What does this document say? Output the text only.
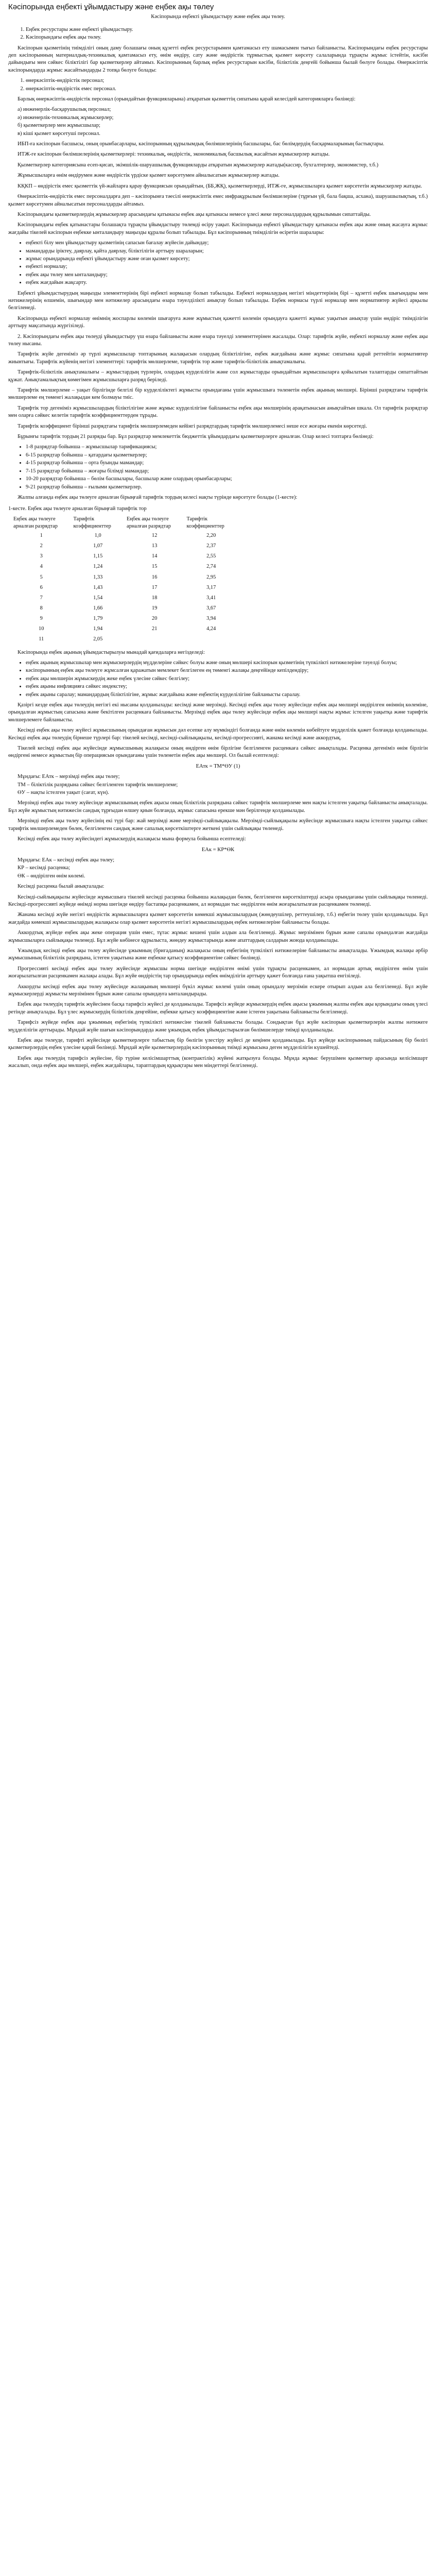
Кәсіпорында еңбекті ұйымдастыру және еңбек ақы төлеу

Кәсіпорында еңбекті ұйымдастыру және еңбек ақы төлеу.

1. Еңбек ресурстары және еңбекті ұйымдастыру.
2. Кәсіпорындағы еңбек ақы төлеу.

Кәсіпорын қызметінің тиімділігі оның даму болашағы оның құзетті еңбек ресурстарымен қамтамасыз ету шамасымен тығыз байланысты. Кәсіпорындағы еңбек ресурстары деп кәсіпорынның материалдық-техникалық қамтамасыз ету, өнім өндіру, сату және өндірістік тұрмыстық қызмет көрсету салаларында тұрақты жұмыс істейтін, кәсіби дайындығы мен сәйкес біліктілігі бар қызметкерлер айтамыз. Кәсіпорынның барлық еңбек ресурстарын кәсіби, біліктілік деңгейі бойынша былай бөлуге болады. Өнеркәсіптік кәсіпорындарда жұмыс жасайтындарды 2 топқа бөлуге болады:

1. өнеркәсіптік-өндірістік персонал;
2. өнеркәсіптік-өндірістік емес персонал.

Барлық өнеркәсіптік-өндірістік персонал (орындайтын функцияларына) атқаратын қызметтің сипатына қарай келесідей категорияларға бөлінеді:

а) инженерлік-басқарушылық персонал;
ә) инженерлік-техникалық жұмыскерлер;
б) қызметкерлер мен жұмысшылар;
в) кіші қызмет көрсетуші персонал.

ИБП-ға кәсіпорын басшысы, оның орынбасарлары, кәсіпорынның құрылымдық бөлімшелерінің басшылары, бас бөлімдердің басқармаларының бастықтары.

ИТЖ-ге кәсіпорын бөлімшелерінің қызметкерлері: техникалық, өндірістік, экономикалық басшылық жасайтын жұмыскерлер жатады.

Қызметкерлер категориясына есеп-қисап, экімшілік-шаруашылық функцияларды атқаратын жұмыскерлер жатады(кассир, бухгалтерлер, экономистер, т.б.)

Жұмысшыларға өнім өндірумен және өндірістік үрдіске қызмет көрсетумен айналысатын жұмыскерлер жатады.

КҚКП – өндірістік емес қызметтік үй-жайларға қарау функциясын орындайтын, (ББ,ЖҚ), қызметкерлерді, ИТЖ-ге, жұмысшыларға қызмет көрсететін жұмыскерлер жатады.

Өнеркәсіптік-өндірістік емес персоналдарға деп – кәсіпорынға тәесілі өнеркәсіптік емес инфрақұрылым бөлімшелеріне (тұрғын үй, бала бақша, асхана), шаруашылықтың, т.б.) қызмет көрсетумен айналысатын персоналдарды айтамыз.

Кәсіпорындағы қызметкерлердің жұмыскерлер арасындағы қатынасы еңбек ақы қатынасы немесе ұлесі жеке персоналдардың құрылымын сипаттайды.

Кәсіпорындағы еңбек қатынастары болашақта тұрақты ұйымдастыру төлемді өсіру уақыт. Кәсіпорында еңбекті ұйымдастыру қатынасы еңбек ақы және оның жасауға жұмыс жағдайы тікелей кәсіпорын еңбекке ынталандыру маңызды құралы болып табылады. Бұл кәсіпорынның тиімділігін өсіретін шаралары:

• еңбекті білу мен ұйымдастыру қызметінің сапасын бағалау жүйесін дайындау;
• мамандарды іріктеу, даярлау, қайта даярлау, біліктілігін арттыру шараларын;
• жұмыс орындарында еңбекті ұйымдастыру және оған қызмет көрсету;
• еңбекті нормалау;
• еңбек ақы төлеу мен ынталандыру;
• еңбек жағдайын жақсарту.

Еңбекті ұйымдастырудың маңызды элементтерінің бірі еңбекті нормалау болып табылады. Еңбекті нормалаудың негізгі міндеттерінің бірі – құзетті еңбек шығындары мен нәтижелерінің өлшемін, шығындар мен нәтижелер арасындағы өзара тәуелділікті анықтау болып табылады. Еңбек нормасы түрлі нормалар мен нормативтер жүйесі арқылы белгіленеді.

Кәсіпорында еңбекті нормалау өнімнің жоспарлы көлемін шығаруға және жұмыстың қажетті көлемін орындауға қажетті жұмыс уақытын анықтау үшін өндіріс тиімділігін арттыру мақсатында жүргізіледі.

2. Кәсіпорындағы еңбек ақы төлеуді ұйымдастыру үш өзара байланысты және өзара тәуелді элементтерінен жасалады. Олар: тарифтік жүйе, еңбекті нормалау және еңбек ақы төлеу нысаны.

Тарифтік жүйе дегеніміз әр түрлі жұмысшылар топтарының жалақысын олардың біліктілігіне, еңбек жағдайына және жұмыс сипатына қарай реттейтін нормативтер жиынтығы. Тарифтік жүйенің негізгі элементтері: тарифтік мөлшерлеме, тарифтік тор және тарифтік-біліктілік анықтамалығы.

Тарифтік-біліктілік анықтамалығы – жұмыстардың түрлерін, олардың күрделілігін және сол жұмыстарды орындайтын жұмысшыларға қойылатын талаптарды сипаттайтын құжат. Анықтамалықтың көмегімен жұмысшыларға разряд беріледі.

Тарифтік мөлшерлеме – уақыт бірлігінде белгілі бір күрделіліктегі жұмысты орындағаны үшін жұмысшыға төленетін еңбек ақының мөлшері. Бірінші разрядтағы тарифтік мөлшерлеме ең төменгі жалақыдан кем болмауы тиіс.

Тарифтік тор дегеніміз жұмысшылардың біліктілігіне және жұмыс күрделілігіне байланысты еңбек ақы мөлшерінің арақатынасын анықтайтын шкала. Ол тарифтік разрядтар мен оларға сәйкес келетін тарифтік коэффициенттерден тұрады.

Тарифтік коэффициент бірінші разрядтағы тарифтік мөлшерлемеден кейінгі разрядтардың тарифтік мөлшерлемесі неше есе жоғары екенін көрсетеді.

Бұрынғы тарифтік тордың 21 разряды бар. Бұл разрядтар мемлекеттік бюджеттік ұйымдардағы қызметкерлерге арналған. Олар келесі топтарға бөлінеді:

• 1-8 разрядтар бойынша – жұмысшылар тарификациясы;
• 6-15 разрядтар бойынша – қатардағы қызметкерлер;
• 4-15 разрядтар бойынша – орта буынды мамандар;
• 7-15 разрядтар бойынша – жоғары білімді мамандар;
• 10-20 разрядтар бойынша – бөлім басшылары, басшылар және олардың орынбасарлары;
• 9-21 разрядтар бойынша – ғылыми қызметкерлер.

Жалпы алғанда еңбек ақы төлеуге арналған бірыңғай тарифтік тордың келесі нақты түрінде көрсетуге болады (1-кесте):

1-кесте. Еңбек ақы төлеуге арналған бірыңғай тарифтік тор

Еңбек ақы төлеуге арналған разрядтар	Тарифтік коэффициенттер	Еңбек ақы төлеуге арналған разрядтар	Тарифтік коэффициенттер
1	1,0	12	2,20
2	1,07	13	2,37
3	1,15	14	2,55
4	1,24	15	2,74
5	1,33	16	2,95
6	1,43	17	3,17
7	1,54	18	3,41
8	1,66	19	3,67
9	1,79	20	3,94
10	1,94	21	4,24
11	2,05		

Кәсіпорында еңбек ақының ұйымдастырылуы мынадай қағидаларға негізделеді:

• еңбек ақының жұмысшылар мен жұмыскерлердің мүдделеріне сәйкес болуы және оның мөлшері кәсіпорын қызметінің түпкілікті нәтижелеріне тәуелді болуы;
• кәсіпорынның еңбек ақы төлеуге жұмсалған қаражатын мемлекет белгілеген ең төменгі жалақы деңгейінде кепілдендіру;
• еңбек ақы мөлшерін жұмыскердің жеке еңбек үлесіне сәйкес белгілеу;
• еңбек ақыны инфляцияға сәйкес индекстеу;
• еңбек ақыны саралау; мамандардың біліктілігіне, жұмыс жағдайына және еңбектің күрделілігіне байланысты саралау.

Қазіргі кезде еңбек ақы төлеудің негізгі екі нысаны қолданылады: кесімді және мерзімді. Кесімді еңбек ақы төлеу жүйесінде еңбек ақы мөлшері өндірілген өнімнің көлеміне, орындалған жұмыстың сапасына және бекітілген расценкаға байланысты. Мерзімді еңбек ақы төлеу жүйесінде еңбек ақы мөлшері нақты жұмыс істелген уақытқа және тарифтік мөлшерлемеге байланысты.

Кесімді еңбек ақы төлеу жүйесі жұмысшының орындаған жұмысын дәл есепке алу мүмкіндігі болғанда және өнім көлемін көбейтуге мүдделілік қажет болғанда қолданылады. Кесімді еңбек ақы төлеудің бірнеше түрлері бар: тікелей кесімді, кесімді-сыйлықақылы, кесімді-прогрессивті, жанама кесімді және аккордтық.

Тікелей кесімді еңбек ақы жүйесінде жұмысшының жалақысы оның өндірген өнім бірлігіне белгіленген расценкаға сәйкес анықталады. Расценка дегеніміз өнім бірлігін өндіргені немесе жұмыстың бір операциясын орындағаны үшін төленетін еңбек ақы мөлшері. Ол былай есептеледі:

ЕАтк = ТМ*ӨУ (1)

Мұндағы: ЕАтк – мерзімді еңбек ақы төлеу;
ТМ – біліктілік разрядына сәйкес белгіленген тарифтік мөлшерлеме;
ӨУ – нақты істелген уақыт (сағат, күн).

Мерзімді еңбек ақы төлеу жүйесінде жұмысшының еңбек ақысы оның біліктілік разрядына сәйкес тарифтік мөлшерлеме мен нақты істелген уақытқа байланысты анықталады. Бұл жүйе жұмыстың нәтижесін сандық тұрғыдан өлшеу қиын болғанда, жұмыс сапасына ерекше мән берілгенде қолданылады.

Мерзімді еңбек ақы төлеу жүйесінің екі түрі бар: жай мерзімді және мерзімді-сыйлықақылы. Мерзімді-сыйлықақылы жүйесінде жұмысшыға нақты істелген уақытқа сәйкес тарифтік мөлшерлемеден бөлек, белгіленген сандық және сапалық көрсеткіштерге жеткені үшін сыйлықақы төленеді.

Кесімді еңбек ақы төлеу жүйесіндегі жұмыскердің жалақысы мына формула бойынша есептеледі:

ЕАк = КР*ӨК

Мұндағы: ЕАк – кесімді еңбек ақы төлеу;
КР – кесімді расценка;
ӨК – өндірілген өнім көлемі.

Кесімді расценка былай анықталады:

Кесімді-сыйлықақылы жүйесінде жұмысшыға тікелей кесімді расценка бойынша жалақыдан бөлек, белгіленген көрсеткіштерді асыра орындағаны үшін сыйлықақы төленеді. Кесімді-прогрессивті жүйеде өнімді норма шегінде өндіру бастапқы расценкамен, ал нормадан тыс өндірілген өнім жоғарылатылған расценкамен төленеді.

Жанама кесімді жүйе негізгі өндірістік жұмысшыларға қызмет көрсететін көмекші жұмысшылардың (жөндеушілер, реттеушілер, т.б.) еңбегін төлеу үшін қолданылады. Бұл жағдайда көмекші жұмысшылардың жалақысы олар қызмет көрсететін негізгі жұмысшылардың еңбек нәтижелеріне байланысты болады.

Аккордтық жүйеде еңбек ақы жеке операция үшін емес, тұтас жұмыс кешені үшін алдын ала белгіленеді. Жұмыс мерзімінен бұрын және сапалы орындалған жағдайда жұмысшыларға сыйлықақы төленеді. Бұл жүйе көбінесе құрылыста, жөндеу жұмыстарында және апаттардың салдарын жоюда қолданылады.

Ұжымдық кесімді еңбек ақы төлеу жүйесінде ұжымның (бригаданың) жалақысы оның еңбегінің түпкілікті нәтижелеріне байланысты анықталады. Ұжымдық жалақы әрбір жұмысшының біліктілік разрядына, істеген уақытына және еңбекке қатысу коэффициентіне сәйкес бөлінеді.

Прогрессивті кесімді еңбек ақы төлеу жүйесінде жұмысшы норма шегінде өндірілген өнімі үшін тұрақты расценкамен, ал нормадан артық өндірілген өнім үшін жоғарылатылған расценкамен жалақы алады. Бұл жүйе өндірістің тар орындарында еңбек өнімділігін арттыру қажет болғанда ғана уақытша енгізіледі.

Аккордты кесімді еңбек ақы төлеу жүйесінде жалақының мөлшері бүкіл жұмыс көлемі үшін оның орындалу мерзімін ескере отырып алдын ала белгіленеді. Бұл жүйе жұмыскерлерді жұмысты мерзімінен бұрын және сапалы орындауға ынталандырады.

Еңбек ақы төлеудің тарифтік жүйесінен басқа тарифсіз жүйесі де қолданылады. Тарифсіз жүйеде жұмыскердің еңбек ақысы ұжымның жалпы еңбек ақы қорындағы оның үлесі ретінде анықталады. Бұл үлес жұмыскердің біліктілік деңгейіне, еңбекке қатысу коэффициентіне және істеген уақытына байланысты белгіленеді.

Тарифсіз жүйеде еңбек ақы ұжымның еңбегінің түпкілікті нәтижесіне тікелей байланысты болады. Сондықтан бұл жүйе кәсіпорын қызметкерлерін жалпы нәтижеге мүдделілігін арттырады. Мұндай жүйе шағын кәсіпорындарда және ұжымдық еңбек ұйымдастырылған бөлімшелерде тиімді қолданылады.

Еңбек ақы төлеуде, тарифті жүйесінде қызметкерлерге табыстың бір бөлігін үлестіру жүйесі де кеңінен қолданылады. Бұл жүйеде кәсіпорынның пайдасының бір бөлігі қызметкерлердің еңбек үлесіне қарай бөлінеді. Мұндай жүйе қызметкерлердің кәсіпорынның тиімді жұмысына деген мүдделілігін күшейтеді.

Еңбек ақы төлеудің тарифсіз жүйесіне, бір түріне келісімшарттық (контрактілік) жүйені жатқызуға болады. Мұнда жұмыс берушімен қызметкер арасында келісімшарт жасалып, онда еңбек ақы мөлшері, еңбек жағдайлары, тараптардың құқықтары мен міндеттері белгіленеді.
